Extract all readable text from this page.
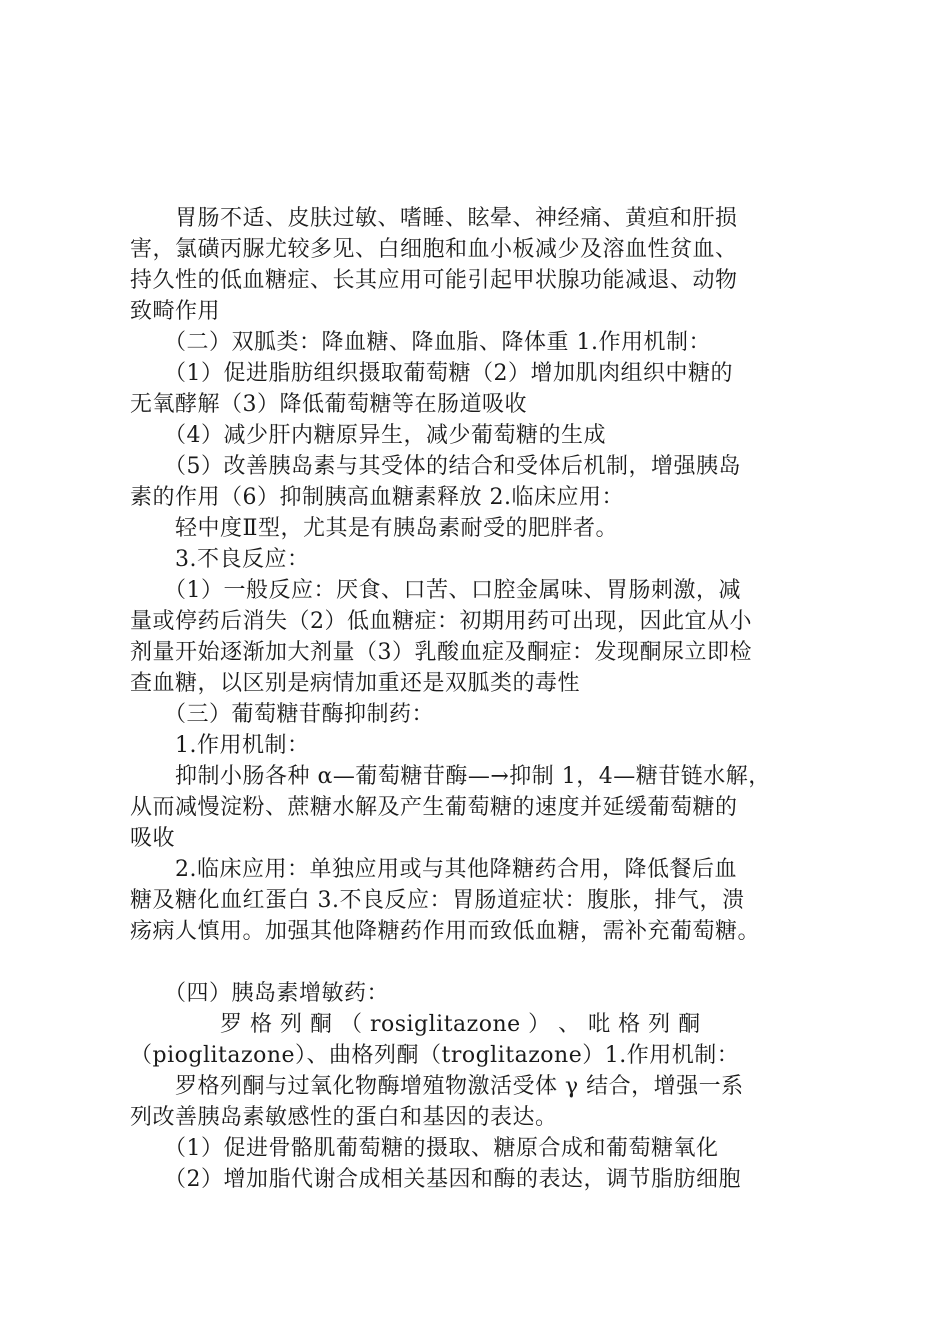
　　胃肠不适、皮肤过敏、嗜睡、眩晕、神经痛、黄疸和肝损
害，氯磺丙脲尤较多见、白细胞和血小板减少及溶血性贫血、
持久性的低血糖症、长其应用可能引起甲状腺功能减退、动物
致畸作用
　　（二）双胍类：降血糖、降血脂、降体重 1.作用机制：
　　（1）促进脂肪组织摄取葡萄糖（2）增加肌肉组织中糖的
无氧酵解（3）降低葡萄糖等在肠道吸收
　　（4）减少肝内糖原异生，减少葡萄糖的生成
　　（5）改善胰岛素与其受体的结合和受体后机制，增强胰岛
素的作用（6）抑制胰高血糖素释放 2.临床应用：
　　轻中度Ⅱ型，尤其是有胰岛素耐受的肥胖者。
　　3.不良反应：
　　（1）一般反应：厌食、口苦、口腔金属味、胃肠刺激，减
量或停药后消失（2）低血糖症：初期用药可出现，因此宜从小
剂量开始逐渐加大剂量（3）乳酸血症及酮症：发现酮尿立即检
查血糖，以区别是病情加重还是双胍类的毒性
　　（三）葡萄糖苷酶抑制药：
　　1.作用机制：
　　抑制小肠各种 α—葡萄糖苷酶—→抑制 1，4—糖苷链水解，
从而减慢淀粉、蔗糖水解及产生葡萄糖的速度并延缓葡萄糖的
吸收
　　2.临床应用：单独应用或与其他降糖药合用，降低餐后血
糖及糖化血红蛋白 3.不良反应：胃肠道症状：腹胀，排气，溃
疡病人慎用。加强其他降糖药作用而致低血糖，需补充葡萄糖。
　　（四）胰岛素增敏药：
　　　　罗 格 列 酮 （ rosiglitazone ） 、 吡 格 列 酮
（pioglitazone）、曲格列酮（troglitazone）1.作用机制：
　　罗格列酮与过氧化物酶增殖物激活受体 γ 结合，增强一系
列改善胰岛素敏感性的蛋白和基因的表达。
　　（1）促进骨骼肌葡萄糖的摄取、糖原合成和葡萄糖氧化
　　（2）增加脂代谢合成相关基因和酶的表达，调节脂肪细胞
